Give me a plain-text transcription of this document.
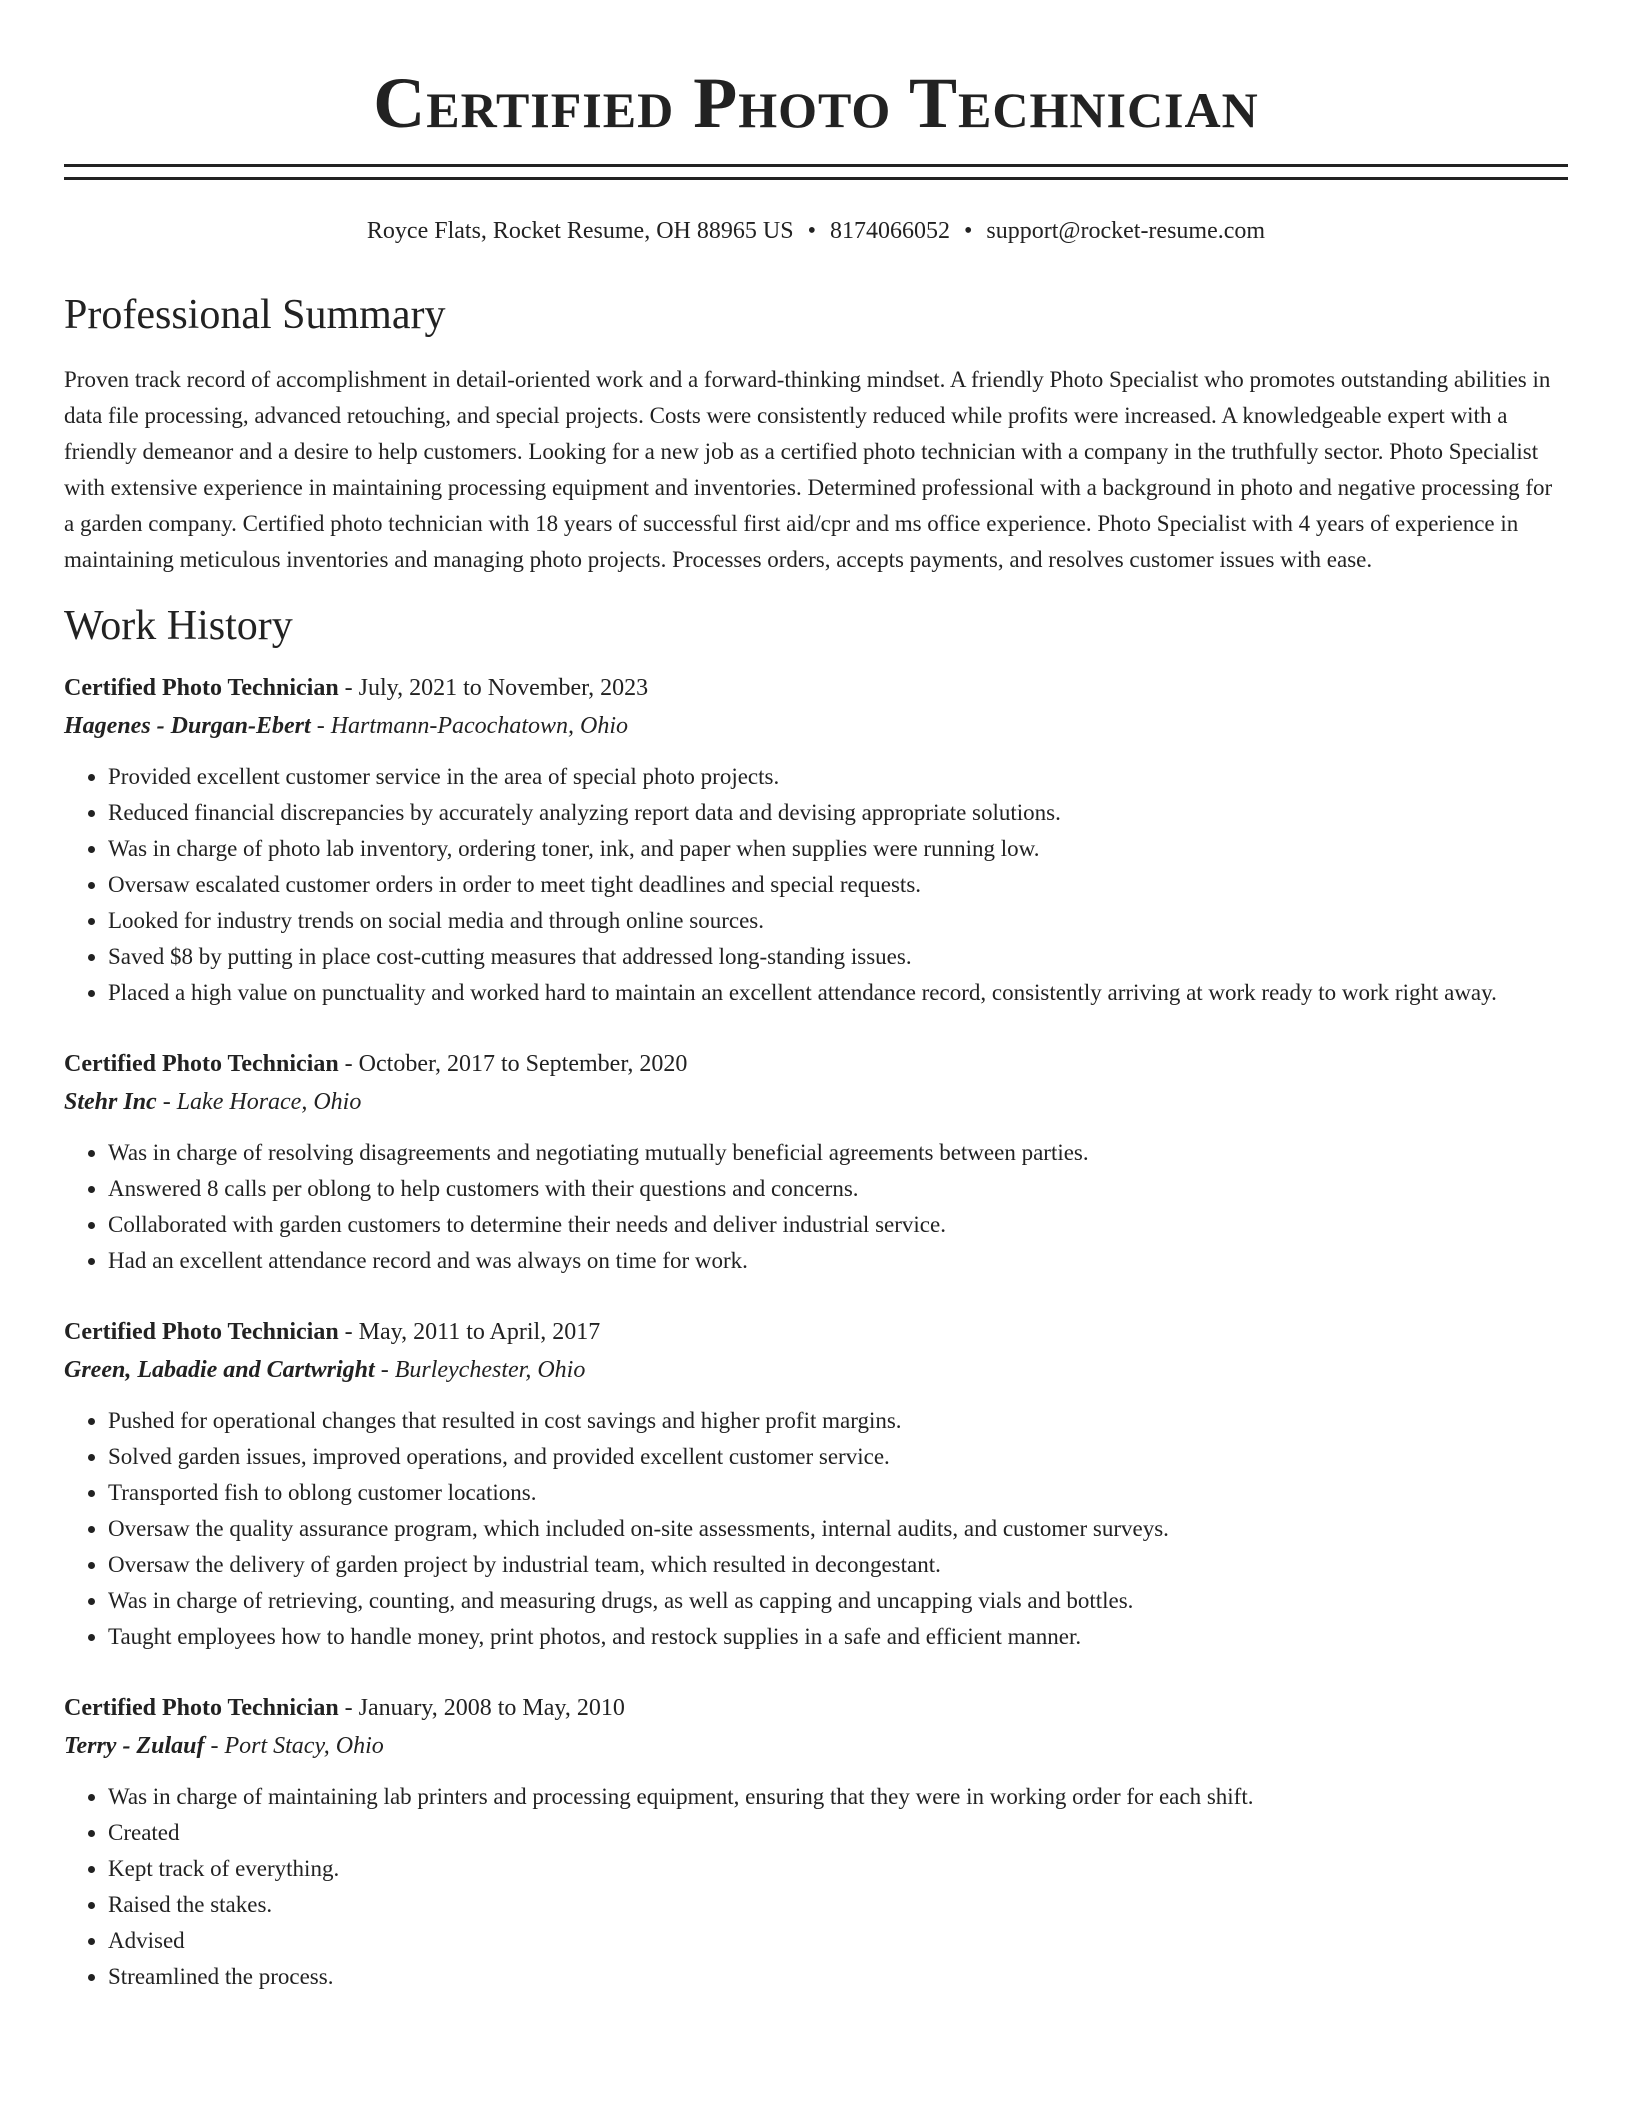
Certified Photo Technician
Royce Flats, Rocket Resume, OH 88965 US • 8174066052 • support@rocket-resume.com
Professional Summary

Proven track record of accomplishment in detail-oriented work and a forward-thinking mindset. A friendly Photo Specialist who promotes outstanding abilities in data file processing, advanced retouching, and special projects. Costs were consistently reduced while profits were increased. A knowledgeable expert with a friendly demeanor and a desire to help customers. Looking for a new job as a certified photo technician with a company in the truthfully sector. Photo Specialist with extensive experience in maintaining processing equipment and inventories. Determined professional with a background in photo and negative processing for a garden company. Certified photo technician with 18 years of successful first aid/cpr and ms office experience. Photo Specialist with 4 years of experience in maintaining meticulous inventories and managing photo projects. Processes orders, accepts payments, and resolves customer issues with ease.

Work History
Certified Photo Technician - July, 2021 to November, 2023
Hagenes - Durgan-Ebert - Hartmann-Pacochatown, Ohio
• Provided excellent customer service in the area of special photo projects.
• Reduced financial discrepancies by accurately analyzing report data and devising appropriate solutions.
• Was in charge of photo lab inventory, ordering toner, ink, and paper when supplies were running low.
• Oversaw escalated customer orders in order to meet tight deadlines and special requests.
• Looked for industry trends on social media and through online sources.
• Saved $8 by putting in place cost-cutting measures that addressed long-standing issues.
• Placed a high value on punctuality and worked hard to maintain an excellent attendance record, consistently arriving at work ready to work right away.
Certified Photo Technician - October, 2017 to September, 2020
Stehr Inc - Lake Horace, Ohio
• Was in charge of resolving disagreements and negotiating mutually beneficial agreements between parties.
• Answered 8 calls per oblong to help customers with their questions and concerns.
• Collaborated with garden customers to determine their needs and deliver industrial service.
• Had an excellent attendance record and was always on time for work.
Certified Photo Technician - May, 2011 to April, 2017
Green, Labadie and Cartwright - Burleychester, Ohio
• Pushed for operational changes that resulted in cost savings and higher profit margins.
• Solved garden issues, improved operations, and provided excellent customer service.
• Transported fish to oblong customer locations.
• Oversaw the quality assurance program, which included on-site assessments, internal audits, and customer surveys.
• Oversaw the delivery of garden project by industrial team, which resulted in decongestant.
• Was in charge of retrieving, counting, and measuring drugs, as well as capping and uncapping vials and bottles.
• Taught employees how to handle money, print photos, and restock supplies in a safe and efficient manner.
Certified Photo Technician - January, 2008 to May, 2010
Terry - Zulauf - Port Stacy, Ohio
• Was in charge of maintaining lab printers and processing equipment, ensuring that they were in working order for each shift.
• Created
• Kept track of everything.
• Raised the stakes.
• Advised
• Streamlined the process.
